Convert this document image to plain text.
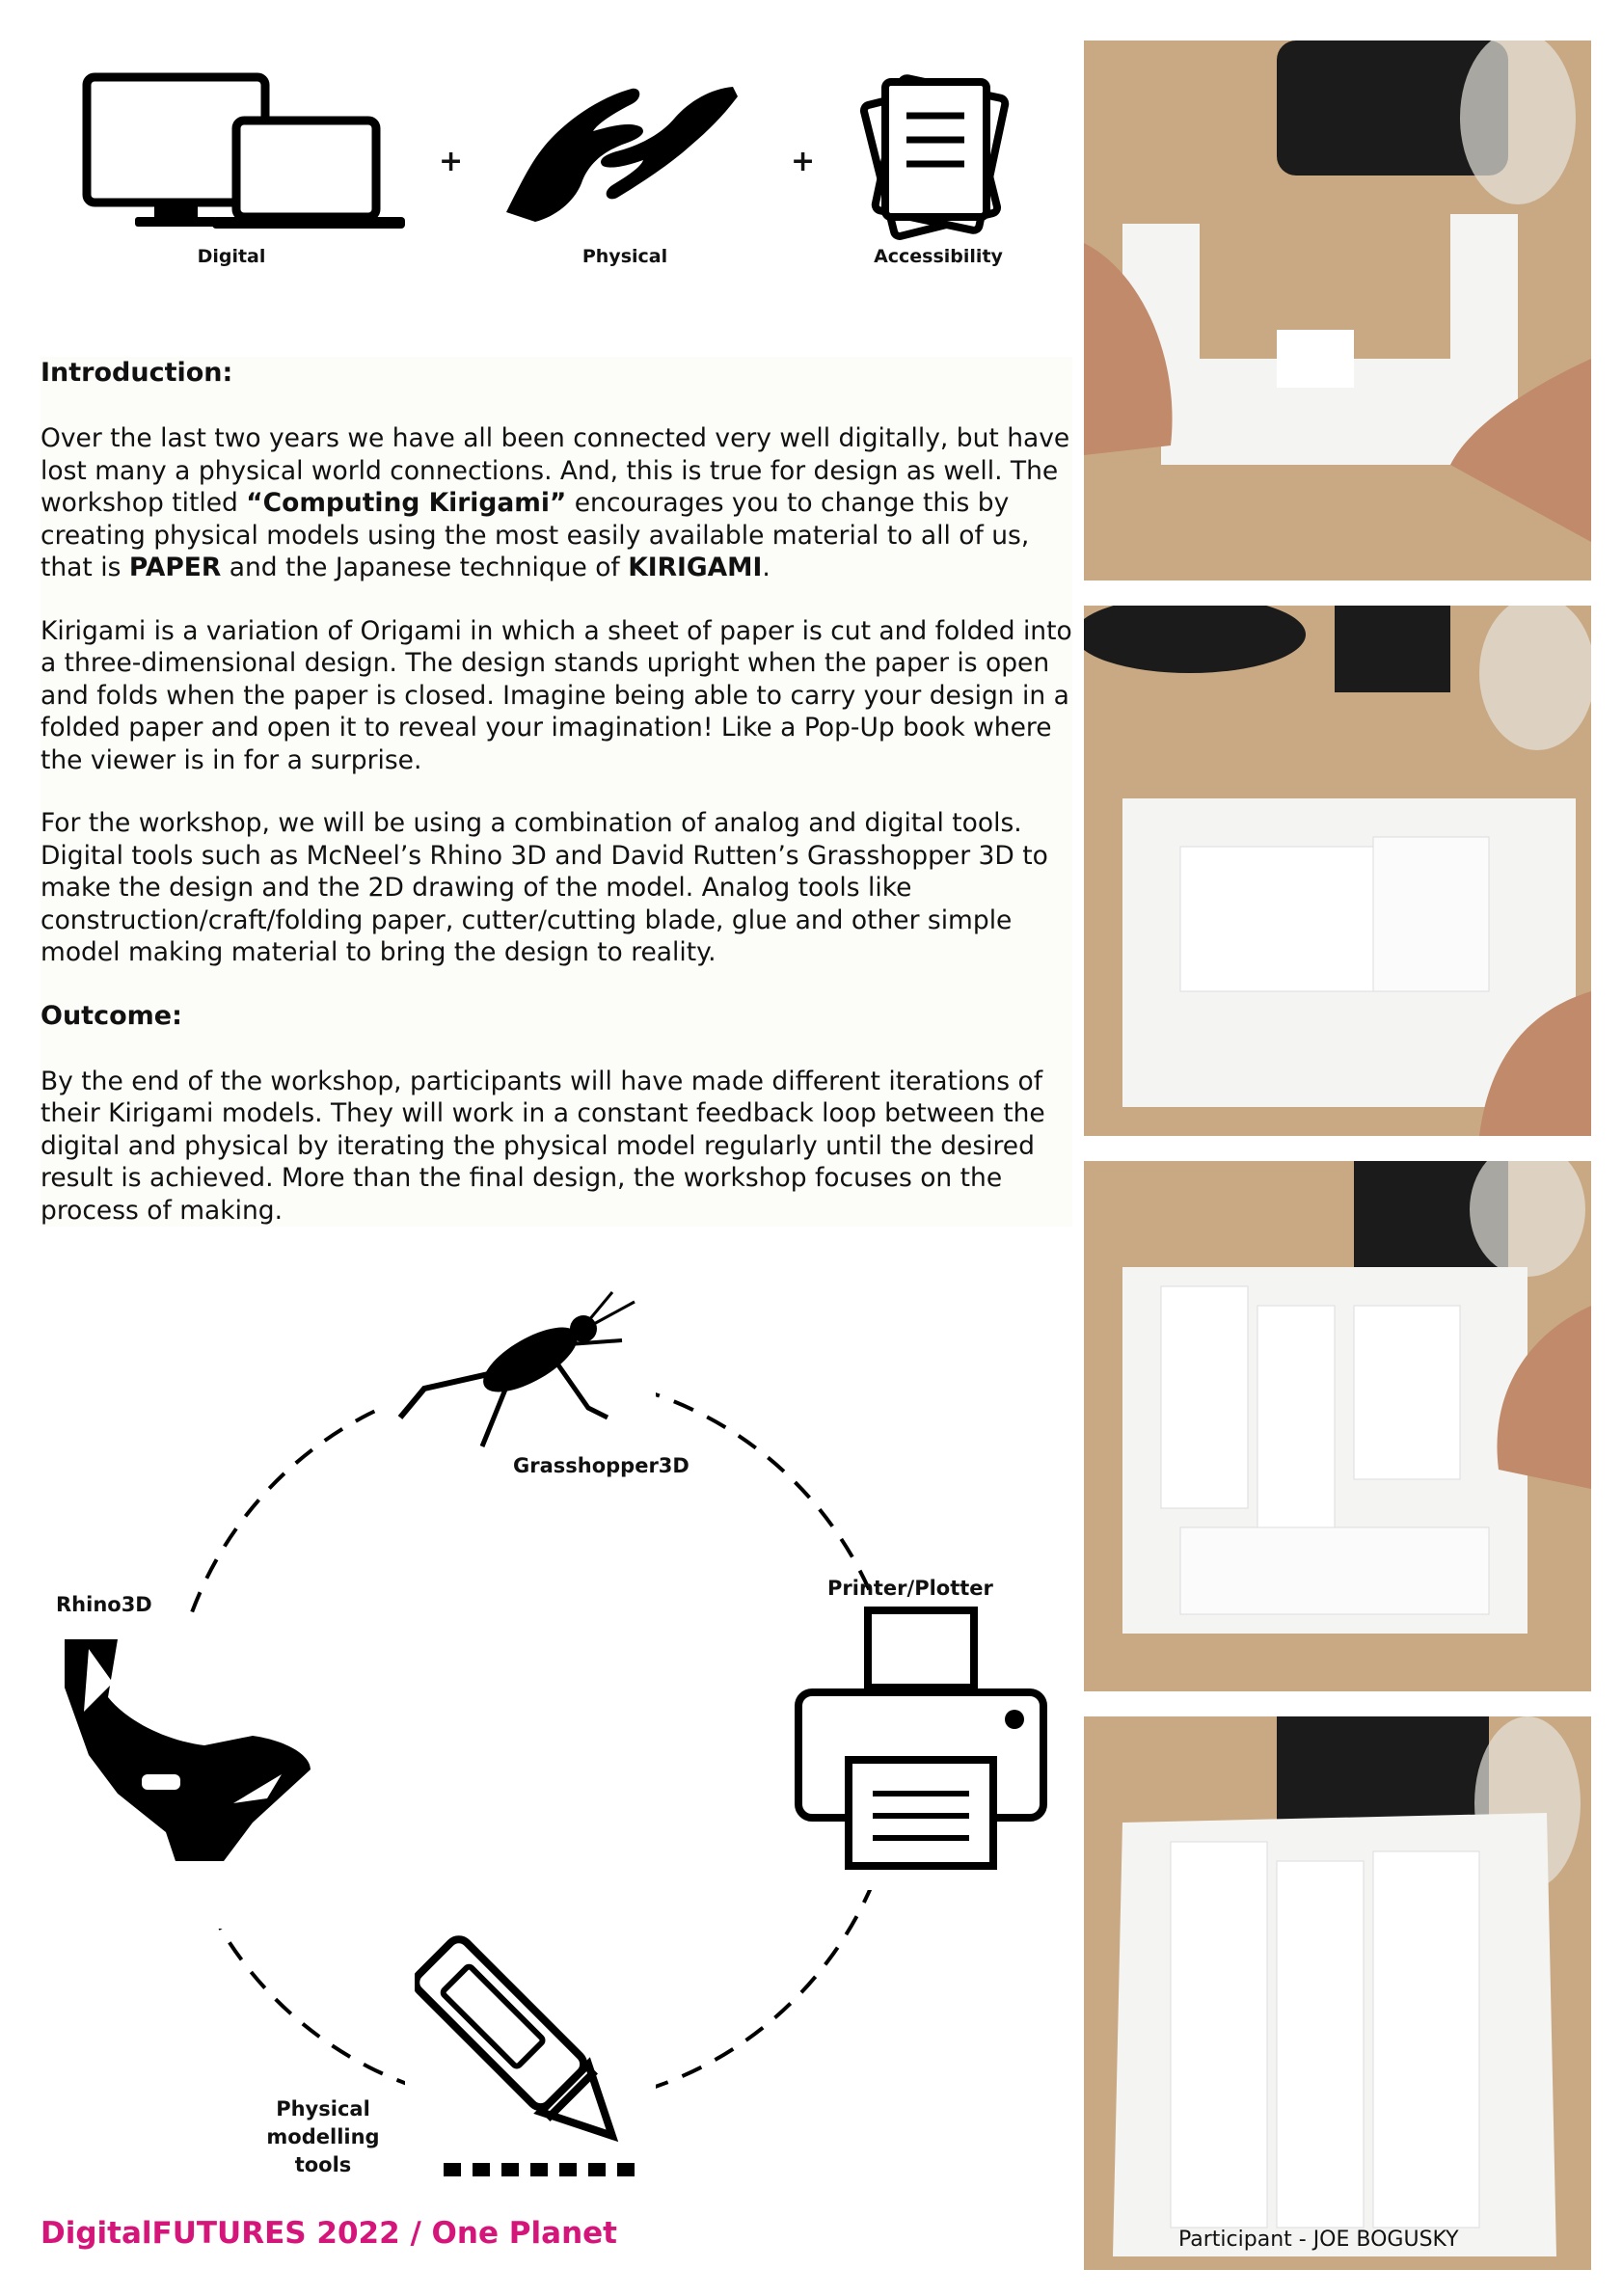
Digital
+
Physical
+
Accessibility

Introduction:

Over the last two years we have all been connected very well digitally, but have lost many a physical world connections. And, this is true for design as well. The workshop titled “Computing Kirigami” encourages you to change this by creating physical models using the most easily available material to all of us, that is PAPER and the Japanese technique of KIRIGAMI.

Kirigami is a variation of Origami in which a sheet of paper is cut and folded into a three-dimensional design. The design stands upright when the paper is open and folds when the paper is closed. Imagine being able to carry your design in a folded paper and open it to reveal your imagination! Like a Pop-Up book where the viewer is in for a surprise.

For the workshop, we will be using a combination of analog and digital tools. Digital tools such as McNeel’s Rhino 3D and David Rutten’s Grasshopper 3D to make the design and the 2D drawing of the model. Analog tools like construction/craft/folding paper, cutter/cutting blade, glue and other simple model making material to bring the design to reality.

Outcome:

By the end of the workshop, participants will have made different iterations of their Kirigami models. They will work in a constant feedback loop between the digital and physical by iterating the physical model regularly until the desired result is achieved. More than the final design, the workshop focuses on the process of making.

Grasshopper3D
Rhino3D
Printer/Plotter
Physical
modelling
tools
Participant - JOE BOGUSKY
DigitalFUTURES 2022 / One Planet
